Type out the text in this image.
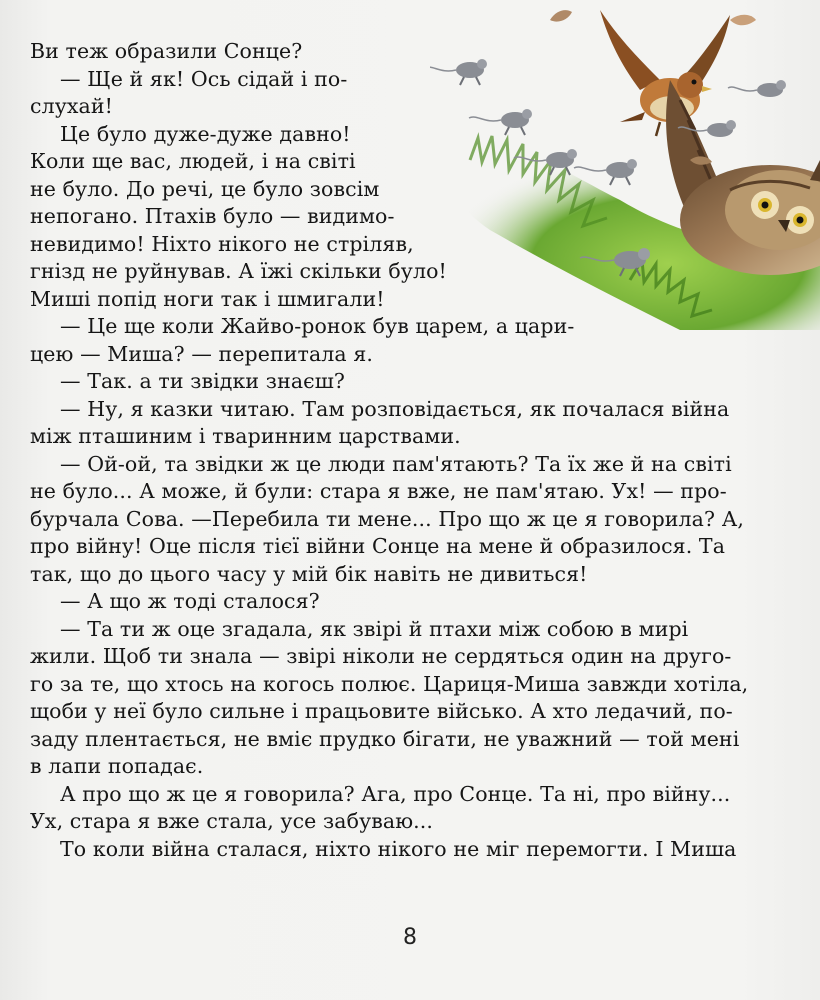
Ви теж образили Сонце?
— Ще й як! Ось сідай і по-
слухай!
Це було дуже-дуже давно!
Коли ще вас, людей, і на світі
не було. До речі, це було зовсім
непогано. Птахів було — видимо-
невидимо! Ніхто нікого не стріляв,
гнізд не руйнував. А їжі скільки було!
Миші попід ноги так і шмигали!
— Це ще коли Жайво-ронок був царем, а цари-
цею — Миша? — перепитала я.
— Так. а ти звідки знаєш?
— Ну, я казки читаю. Там розповідається, як почалася війна
між пташиним і тваринним царствами.
— Ой-ой, та звідки ж це люди пам'ятають? Та їх же й на світі
не було... А може, й були: стара я вже, не пам'ятаю. Ух! — про-
бурчала Сова. —Перебила ти мене... Про що ж це я говорила? А,
про війну! Оце після тієї війни Сонце на мене й образилося. Та
так, що до цього часу у мій бік навіть не дивиться!
— А що ж тоді сталося?
— Та ти ж оце згадала, як звірі й птахи між собою в мирі
жили. Щоб ти знала — звірі ніколи не сердяться один на друго-
го за те, що хтось на когось полює. Цариця-Миша завжди хотіла,
щоби у неї було сильне і працьовите військо. А хто ледачий, по-
заду плентається, не вміє прудко бігати, не уважний — той мені
в лапи попадає.
А про що ж це я говорила? Ага, про Сонце. Та ні, про війну...
Ух, стара я вже стала, усе забуваю...
То коли війна сталася, ніхто нікого не міг перемогти. І Миша
8
